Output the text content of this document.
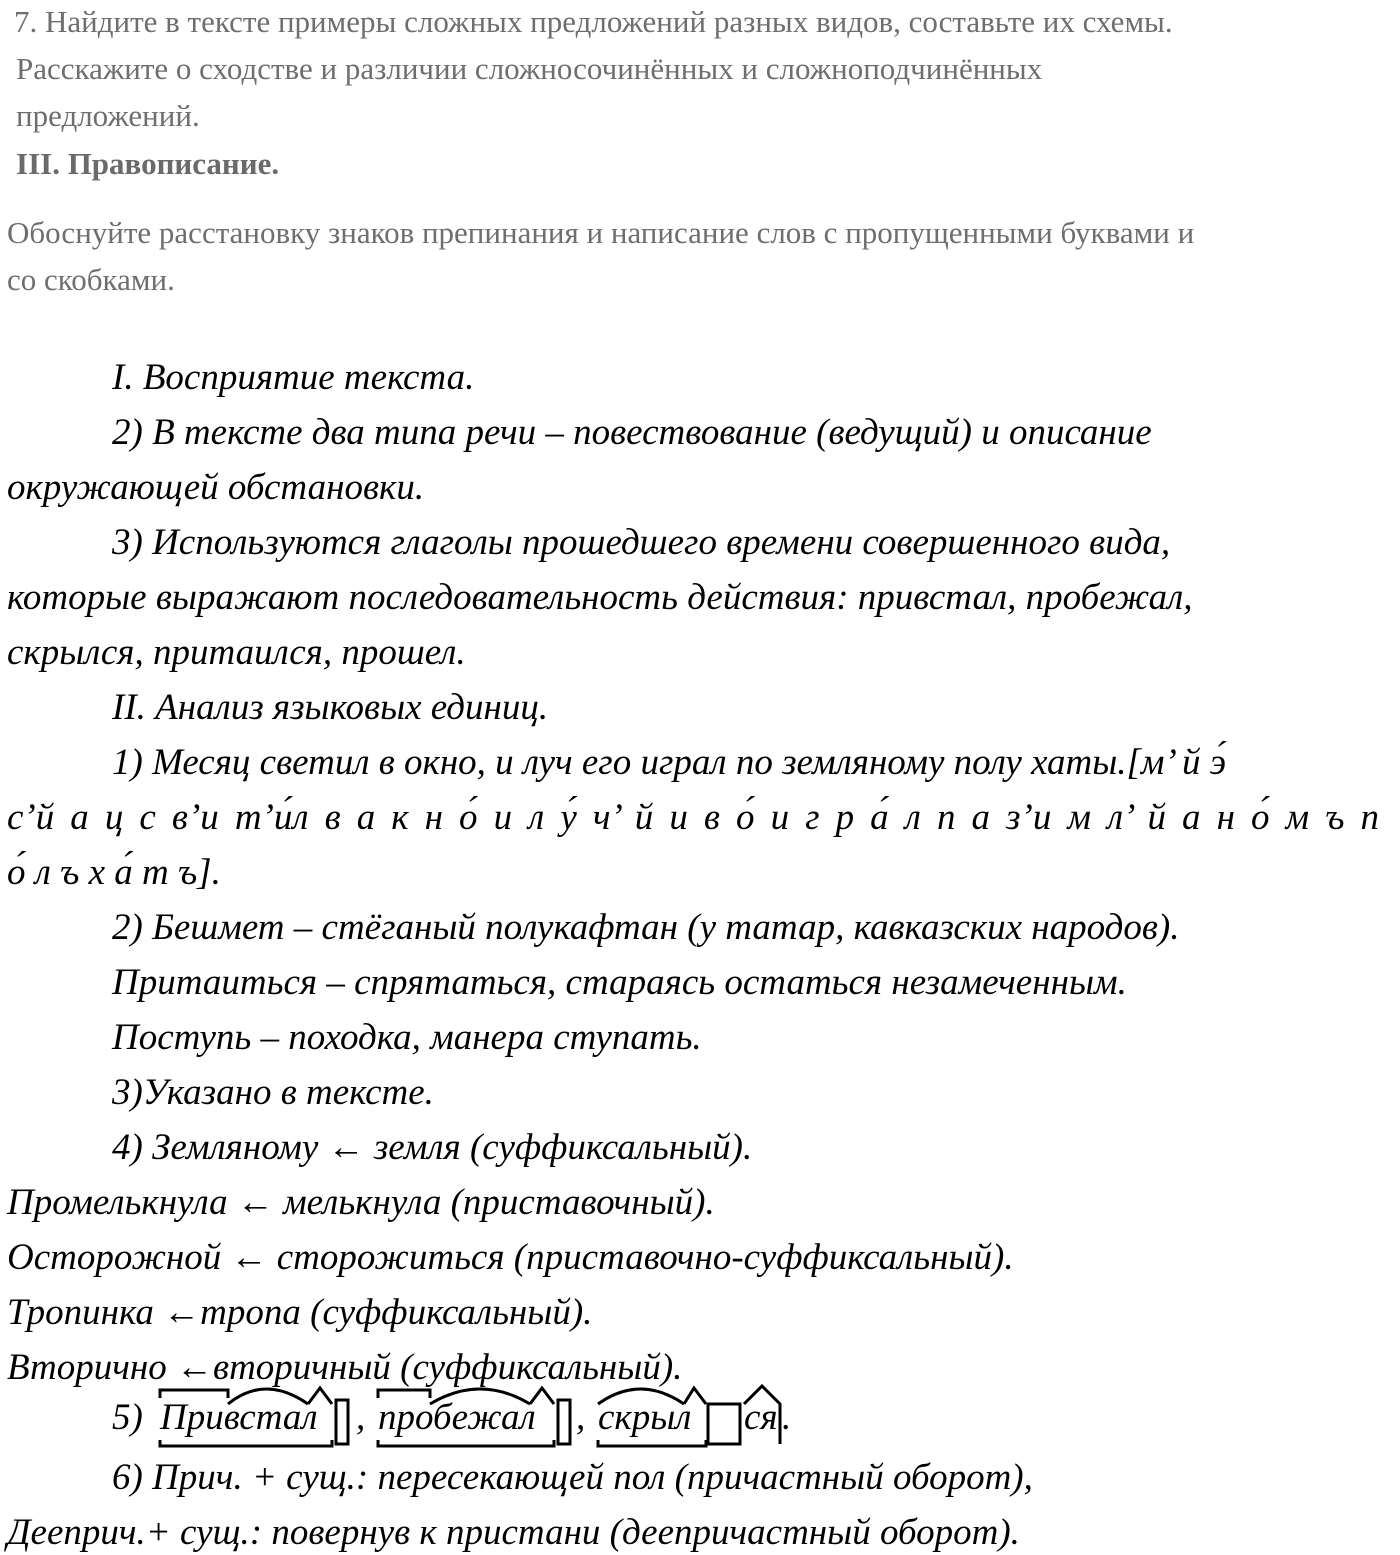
7. Найдите в тексте примеры сложных предложений разных видов, составьте их схемы.
Расскажите о сходстве и различии сложносочинённых и сложноподчинённых
предложений.
III. Правописание.
Обоснуйте расстановку знаков препинания и написание слов с пропущенными буквами и
со скобками.
I. Восприятие текста.
2) В тексте два типа речи – повествование (ведущий) и описание
окружающей обстановки.
3) Используются глаголы прошедшего времени совершенного вида,
которые выражают последовательность действия: привстал, пробежал,
скрылся, притаился, прошел.
II. Анализ языковых единиц.
1) Месяц светил в окно, и луч его играл по земляному полу хаты.[м’ й э́
с’й а ц с в’и т’и́л в а к н о́ и л у́ ч’ й и в о́ и г р а́ л п а з’и м л’ й а н о́ м ъ п
о́ л ъ х а́ т ъ].
2) Бешмет – стёганый полукафтан (у татар, кавказских народов).
Притаиться – спрятаться, стараясь остаться незамеченным.
Поступь – походка, манера ступать.
3)Указано в тексте.
4) Земляному ← земля (суффиксальный).
Промелькнула ← мелькнула (приставочный).
Осторожной ← сторожиться (приставочно-суффиксальный).
Тропинка ←тропа (суффиксальный).
Вторично ←вторичный (суффиксальный).
5) Привстал , пробежал , скрыл ся .
6) Прич. + сущ.: пересекающей пол (причастный оборот),
Дееприч.+ сущ.: повернув к пристани (деепричастный оборот).
